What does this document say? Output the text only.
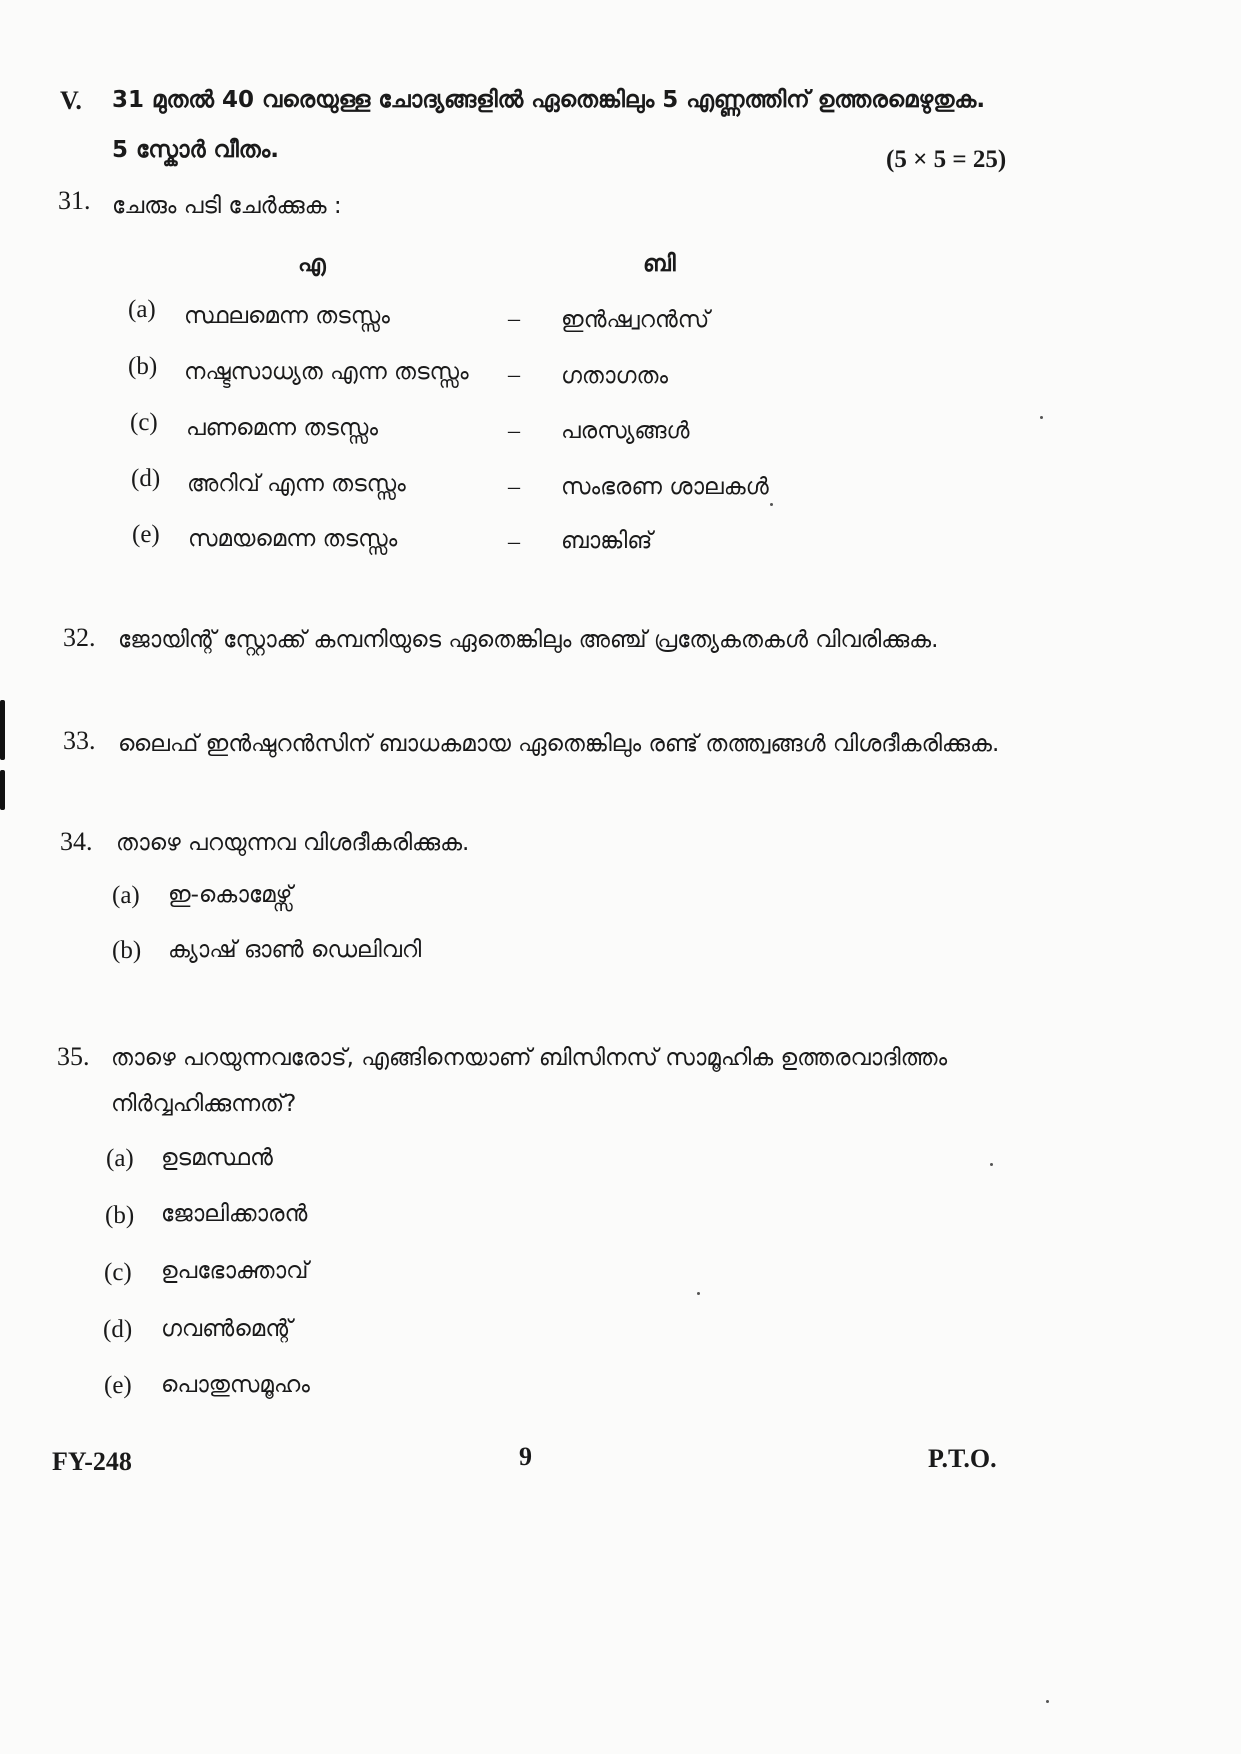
V. 31 മുതൽ 40 വരെയുള്ള ചോദ്യങ്ങളിൽ ഏതെങ്കിലും 5 എണ്ണത്തിന് ഉത്തരമെഴുതുക.
5 സ്കോർ വീതം.	(5 × 5 = 25)
31. ചേരും പടി ചേർക്കുക :
എ	ബി
(a) സ്ഥലമെന്ന തടസ്സം	– ഇൻഷ്വറൻസ്
(b) നഷ്ടസാധ്യത എന്ന തടസ്സം – ഗതാഗതം
(c) പണമെന്ന തടസ്സം	– പരസ്യങ്ങൾ
(d) അറിവ് എന്ന തടസ്സം	– സംഭരണ ശാലകൾ
(e) സമയമെന്ന തടസ്സം	– ബാങ്കിങ്
32. ജോയിന്റ് സ്റ്റോക്ക് കമ്പനിയുടെ ഏതെങ്കിലും അഞ്ച് പ്രത്യേകതകൾ വിവരിക്കുക.
33. ലൈഫ് ഇൻഷുറൻസിന് ബാധകമായ ഏതെങ്കിലും രണ്ട് തത്ത്വങ്ങൾ വിശദീകരിക്കുക.
34. താഴെ പറയുന്നവ വിശദീകരിക്കുക.
(a) ഇ-കൊമേഴ്സ്
(b) ക്യാഷ് ഓൺ ഡെലിവറി
35. താഴെ പറയുന്നവരോട്, എങ്ങിനെയാണ് ബിസിനസ് സാമൂഹിക ഉത്തരവാദിത്തം
നിർവ്വഹിക്കുന്നത്?
(a) ഉടമസ്ഥൻ
(b) ജോലിക്കാരൻ
(c) ഉപഭോക്താവ്
(d) ഗവൺമെന്റ്
(e) പൊതുസമൂഹം
FY-248	9	P.T.O.
